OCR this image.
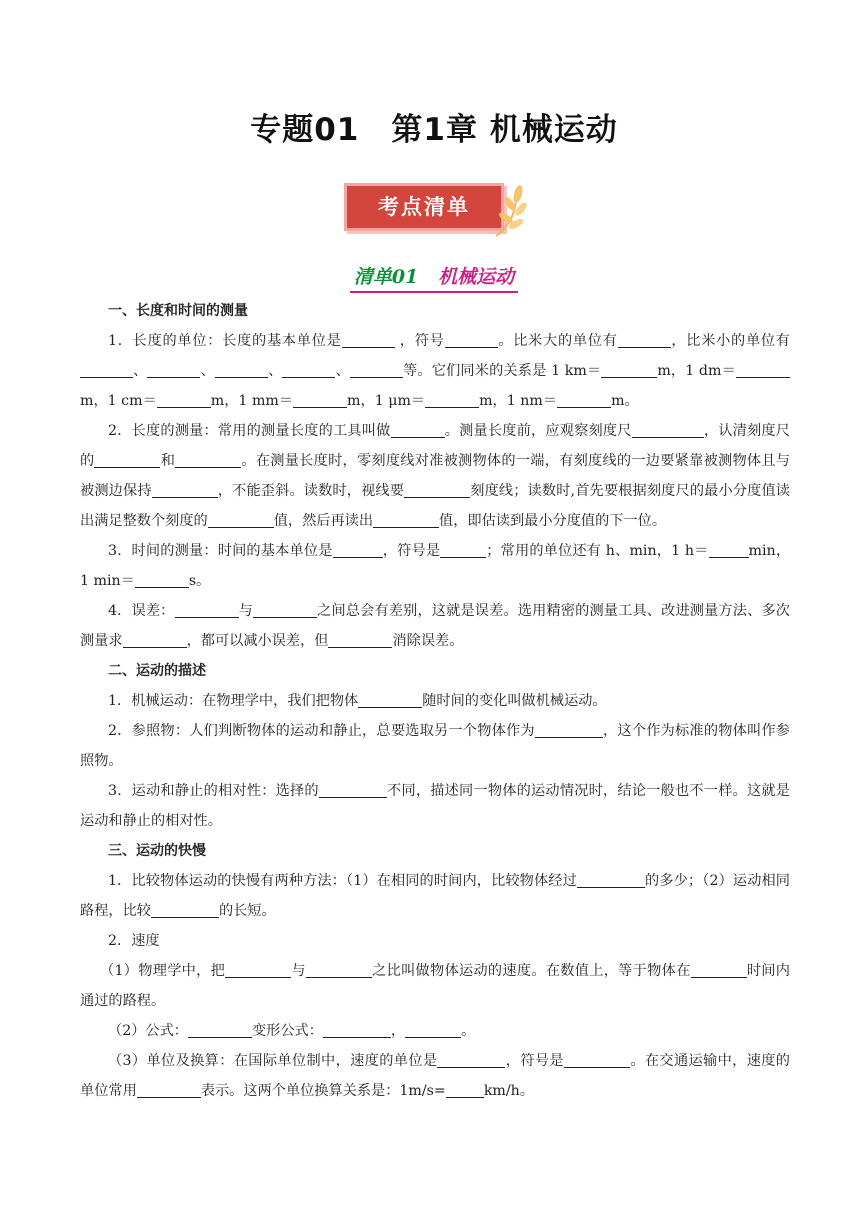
专题01　第1章 机械运动
考点清单
清单01 机械运动

一、长度和时间的测量

1．长度的单位：长度的基本单位是	，符号	。比米大的单位有	，比米小的单位有、	、	、	、	等。它们同米的关系是 1 km＝	m，1 dm＝m，1 cm＝	m，1 mm＝	m，1 μm＝	m，1 nm＝	m。

2．长度的测量：常用的测量长度的工具叫做	。测量长度前，应观察刻度尺	，认清刻度尺的	和	。在测量长度时，零刻度线对准被测物体的一端，有刻度线的一边要紧靠被测物体且与被测边保持	，不能歪斜。读数时，视线要	刻度线；读数时,首先要根据刻度尺的最小分度值读出满足整数个刻度的	值，然后再读出	值，即估读到最小分度值的下一位。

3．时间的测量：时间的基本单位是	，符号是	；常用的单位还有 h、min，1 h＝	min，1 min＝	s。

4．误差：	与	之间总会有差别，这就是误差。选用精密的测量工具、改进测量方法、多次测量求	，都可以减小误差，但	消除误差。

二、运动的描述

1．机械运动：在物理学中，我们把物体	随时间的变化叫做机械运动。

2．参照物：人们判断物体的运动和静止，总要选取另一个物体作为	，这个作为标准的物体叫作参照物。

3．运动和静止的相对性：选择的	不同，描述同一物体的运动情况时，结论一般也不一样。这就是运动和静止的相对性。

三、运动的快慢

1．比较物体运动的快慢有两种方法：（1）在相同的时间内，比较物体经过	的多少；（2）运动相同路程，比较	的长短。

2．速度

（1）物理学中，把	与	之比叫做物体运动的速度。在数值上，等于物体在	时间内通过的路程。

（2）公式：	变形公式：	，	。

（3）单位及换算：在国际单位制中，速度的单位是	，符号是	。在交通运输中，速度的单位常用	表示。这两个单位换算关系是：1m/s=	km/h。
